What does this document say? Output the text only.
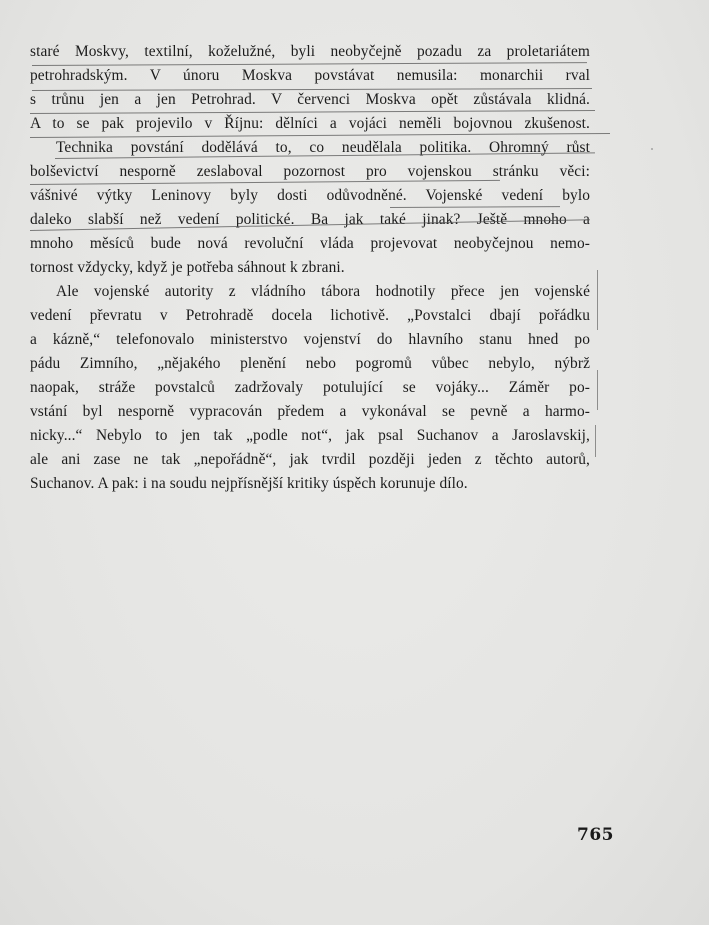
staré Moskvy, textilní, koželužné, byli neobyčejně pozadu za proletariátem
petrohradským. V únoru Moskva povstávat nemusila: monarchii rval
s trůnu jen a jen Petrohrad. V červenci Moskva opět zůstávala klidná.
A to se pak projevilo v Říjnu: dělníci a vojáci neměli bojovnou zkušenost.
Technika povstání dodělává to, co neudělala politika. Ohromný růst
bolševictví nesporně zeslaboval pozornost pro vojenskou stránku věci:
vášnivé výtky Leninovy byly dosti odůvodněné. Vojenské vedení bylo
daleko slabší než vedení politické. Ba jak také jinak? Ještě mnoho a
mnoho měsíců bude nová revoluční vláda projevovat neobyčejnou nemo-
tornost vždycky, když je potřeba sáhnout k zbrani.
Ale vojenské autority z vládního tábora hodnotily přece jen vojenské
vedení převratu v Petrohradě docela lichotivě. „Povstalci dbají pořádku
a kázně,“ telefonovalo ministerstvo vojenství do hlavního stanu hned po
pádu Zimního, „nějakého plenění nebo pogromů vůbec nebylo, nýbrž
naopak, stráže povstalců zadržovaly potulující se vojáky... Záměr po-
vstání byl nesporně vypracován předem a vykonával se pevně a harmo-
nicky...“ Nebylo to jen tak „podle not“, jak psal Suchanov a Jaroslavskij,
ale ani zase ne tak „nepořádně“, jak tvrdil později jeden z těchto autorů,
Suchanov. A pak: i na soudu nejpřísnější kritiky úspěch korunuje dílo.
765
